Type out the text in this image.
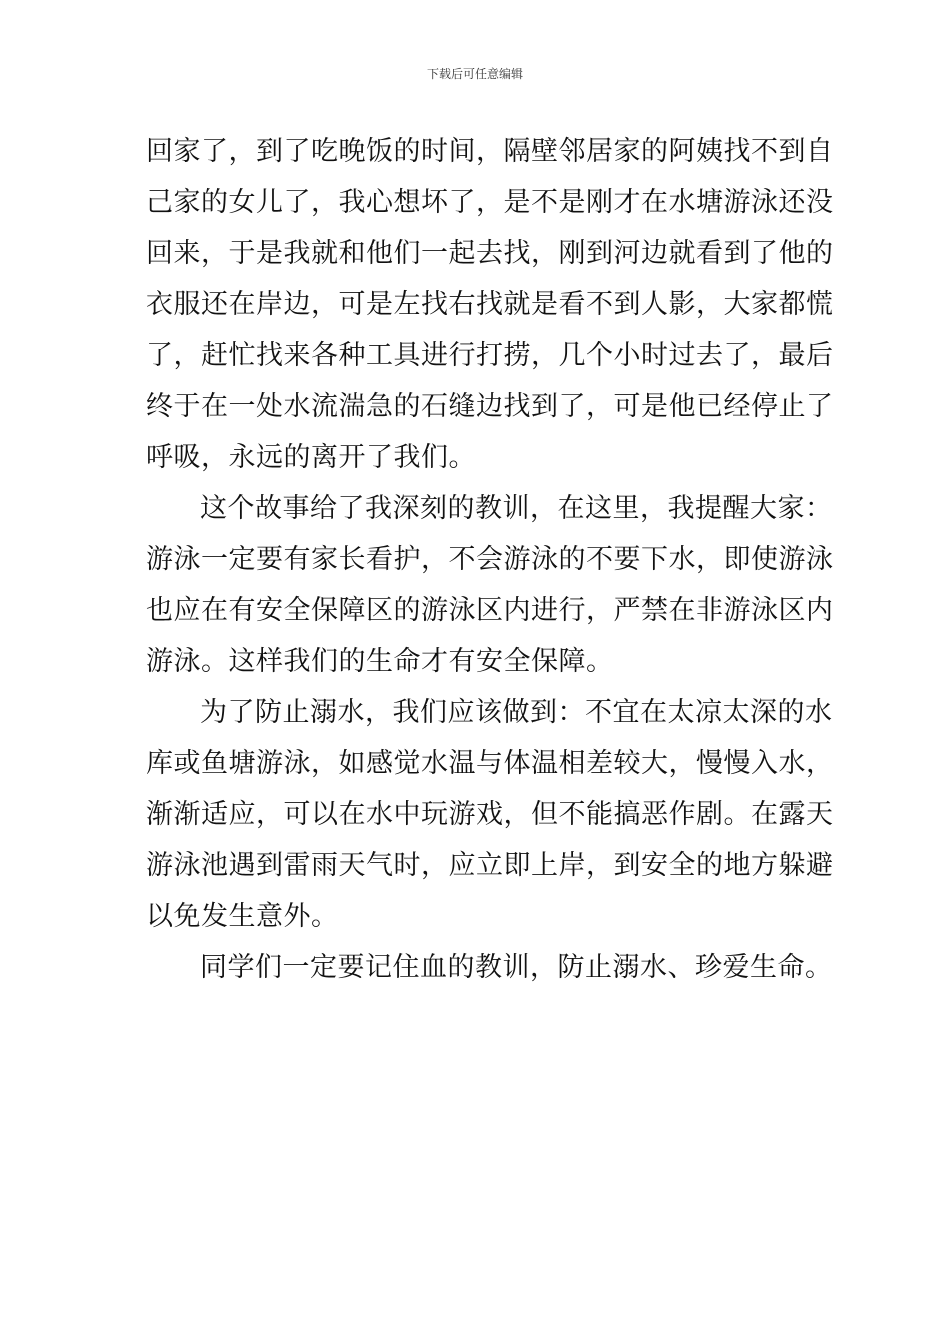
下载后可任意编辑
回家了，到了吃晚饭的时间，隔壁邻居家的阿姨找不到自
己家的女儿了，我心想坏了，是不是刚才在水塘游泳还没
回来，于是我就和他们一起去找，刚到河边就看到了他的
衣服还在岸边，可是左找右找就是看不到人影，大家都慌
了，赶忙找来各种工具进行打捞，几个小时过去了，最后
终于在一处水流湍急的石缝边找到了，可是他已经停止了
呼吸，永远的离开了我们。
这个故事给了我深刻的教训，在这里，我提醒大家：
游泳一定要有家长看护，不会游泳的不要下水，即使游泳
也应在有安全保障区的游泳区内进行，严禁在非游泳区内
游泳。这样我们的生命才有安全保障。
为了防止溺水，我们应该做到：不宜在太凉太深的水
库或鱼塘游泳，如感觉水温与体温相差较大，慢慢入水，
渐渐适应，可以在水中玩游戏，但不能搞恶作剧。在露天
游泳池遇到雷雨天气时，应立即上岸，到安全的地方躲避
以免发生意外。
同学们一定要记住血的教训，防止溺水、珍爱生命。
